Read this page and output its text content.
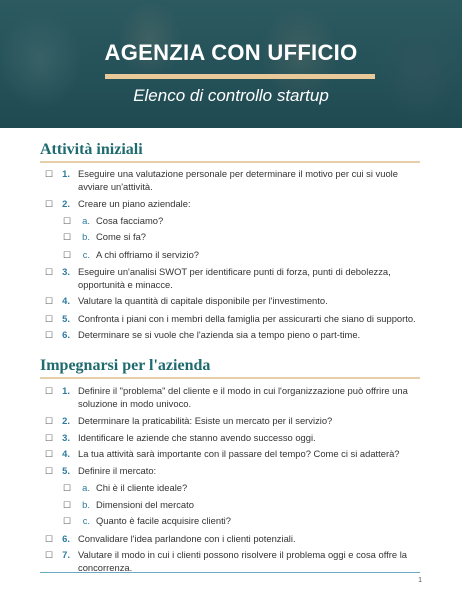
AGENZIA CON UFFICIO
Elenco di controllo startup
Attività iniziali
☐ 1. Eseguire una valutazione personale per determinare il motivo per cui si vuole avviare un'attività.
☐ 2. Creare un piano aziendale:
☐	a. Cosa facciamo?
☐	b. Come si fa?
☐	c. A chi offriamo il servizio?
☐ 3. Eseguire un'analisi SWOT per identificare punti di forza, punti di debolezza, opportunità e minacce.
☐ 4. Valutare la quantità di capitale disponibile per l'investimento.
☐ 5. Confronta i piani con i membri della famiglia per assicurarti che siano di supporto.
☐ 6. Determinare se si vuole che l'azienda sia a tempo pieno o part-time.
Impegnarsi per l'azienda
☐ 1. Definire il "problema" del cliente e il modo in cui l'organizzazione può offrire una soluzione in modo univoco.
☐ 2. Determinare la praticabilità: Esiste un mercato per il servizio?
☐ 3. Identificare le aziende che stanno avendo successo oggi.
☐ 4. La tua attività sarà importante con il passare del tempo? Come ci si adatterà?
☐ 5. Definire il mercato:
☐	a. Chi è il cliente ideale?
☐	b. Dimensioni del mercato
☐	c. Quanto è facile acquisire clienti?
☐ 6. Convalidare l'idea parlandone con i clienti potenziali.
☐ 7. Valutare il modo in cui i clienti possono risolvere il problema oggi e cosa offre la concorrenza.
1
